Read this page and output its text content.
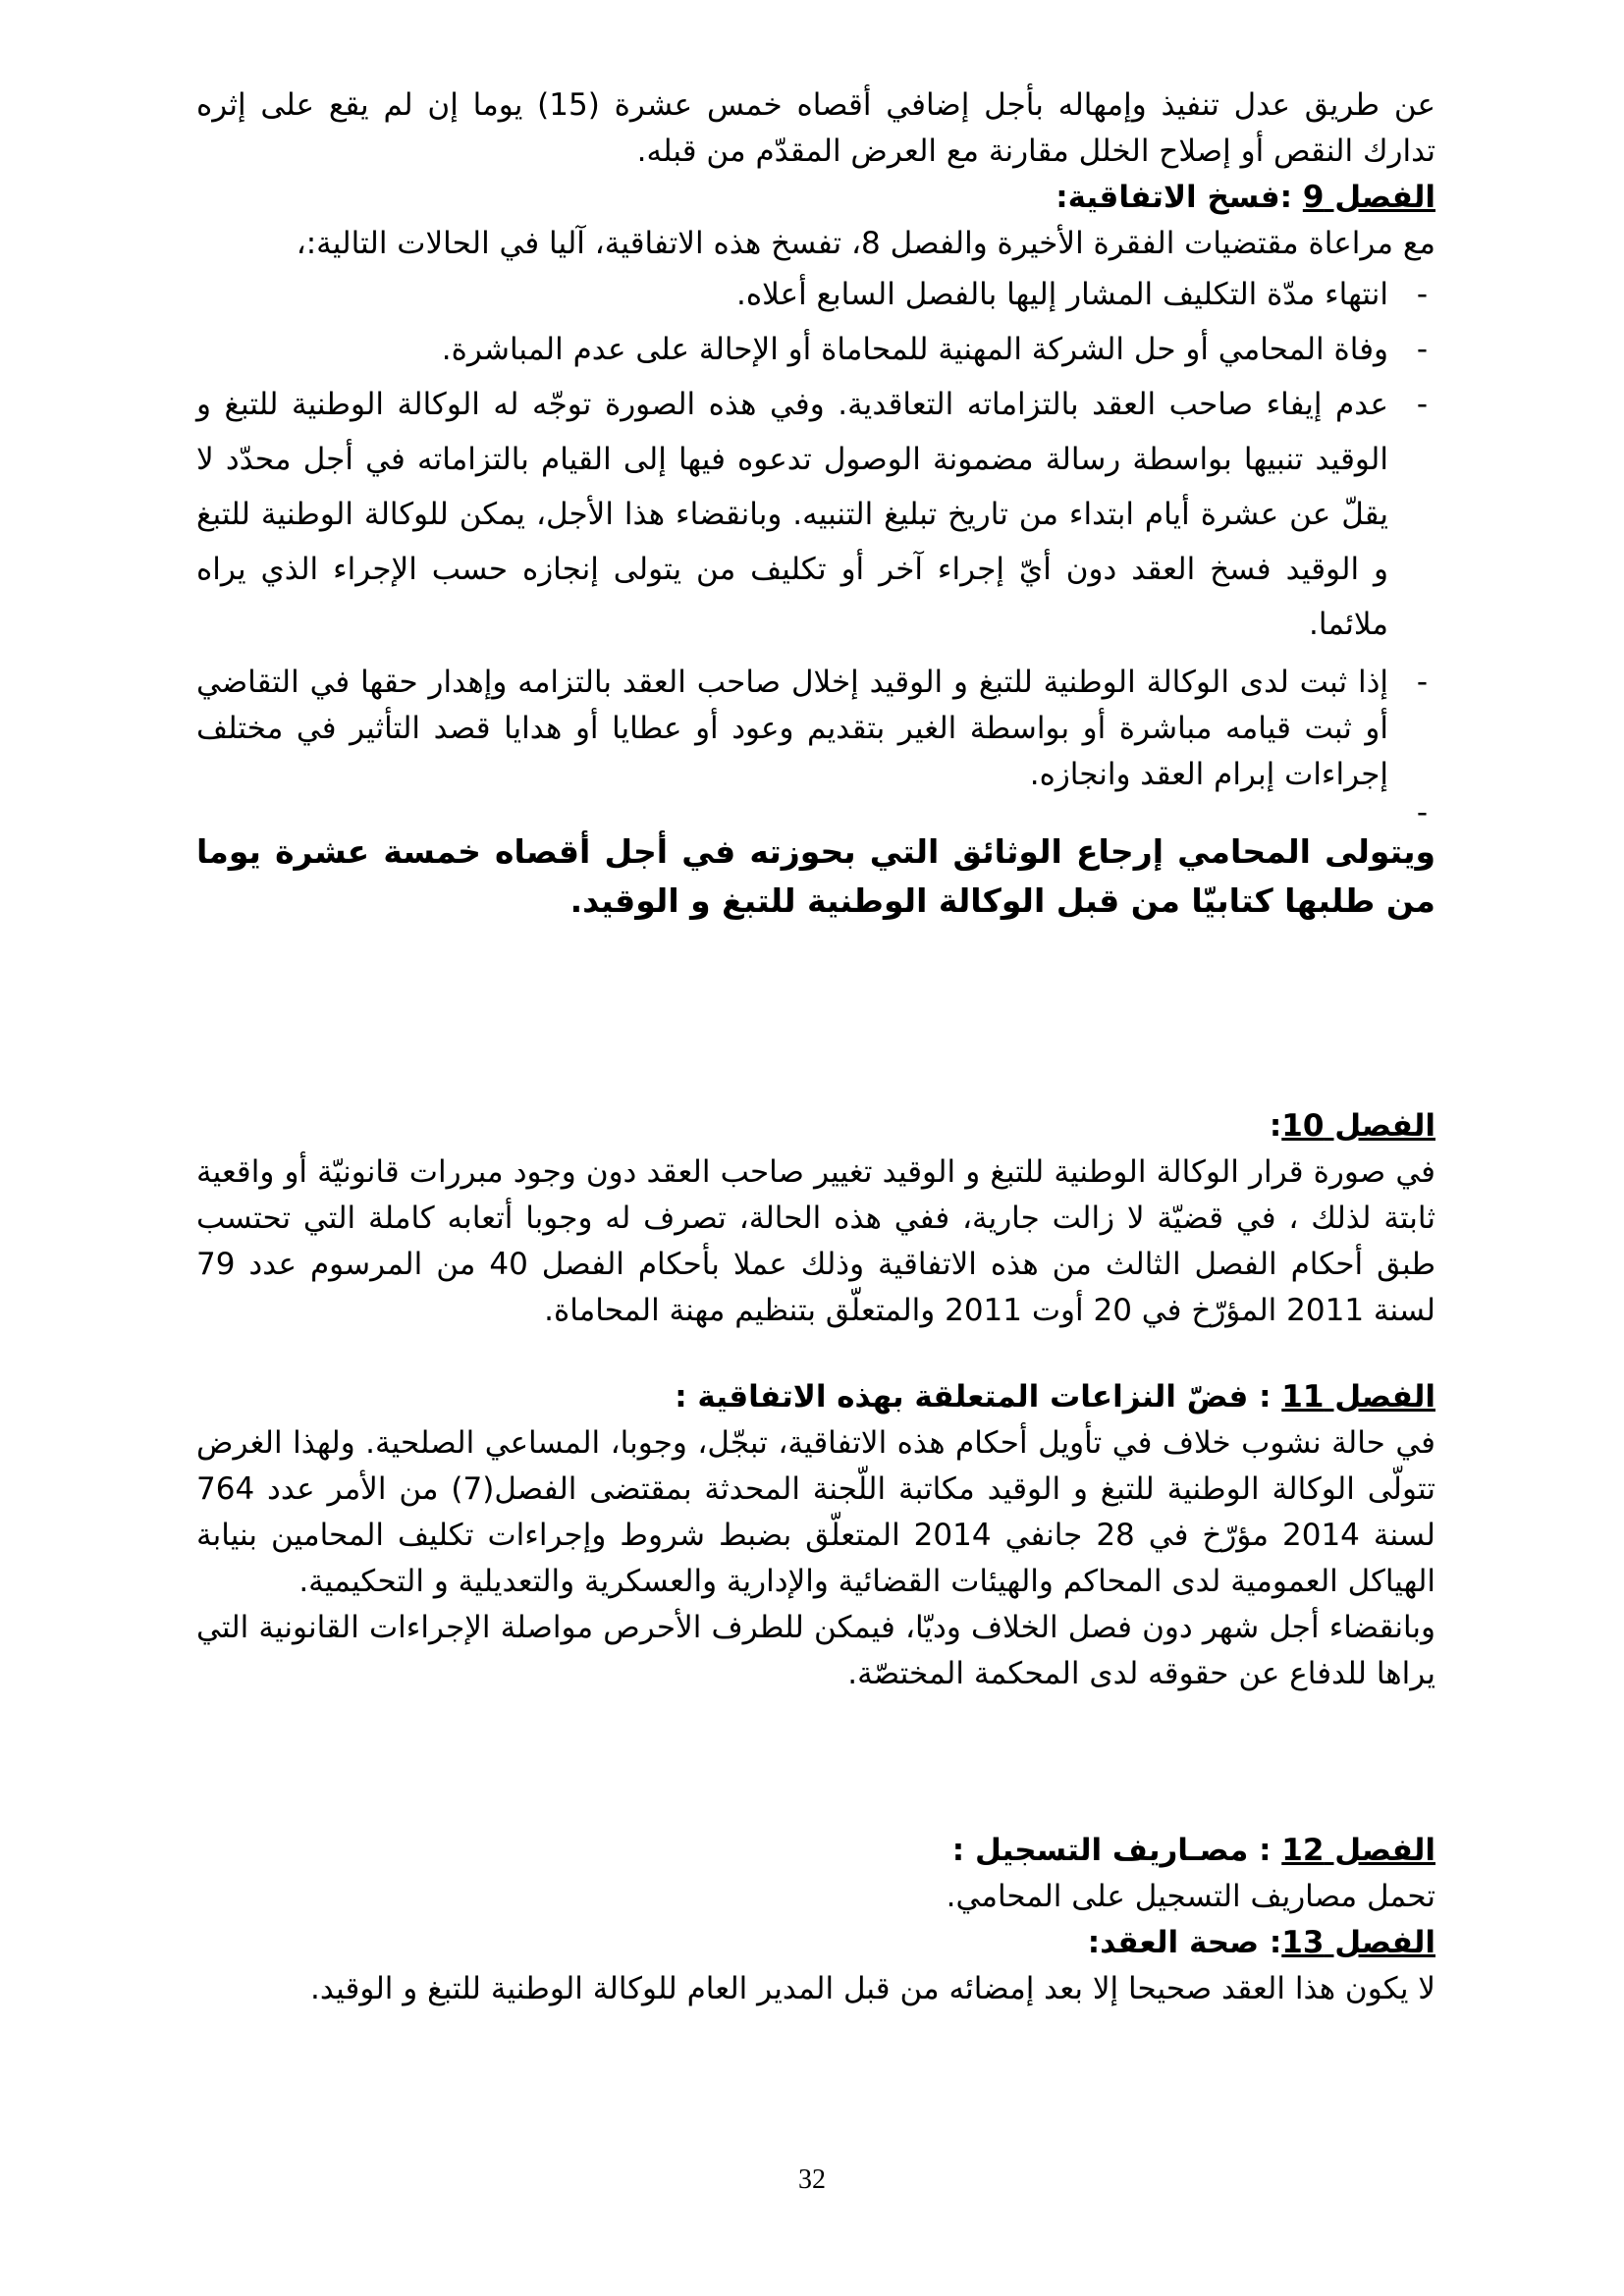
عن طريق عدل تنفيذ وإمهاله بأجل إضافي أقصاه خمس عشرة (15) يوما إن لم يقع على إثره تدارك النقص أو إصلاح الخلل مقارنة مع العرض المقدّم من قبله.

الفصل 9 :فسخ الاتفاقية:

مع مراعاة مقتضيات الفقرة الأخيرة والفصل 8، تفسخ هذه الاتفاقية، آليا في الحالات التالية:،

- انتهاء مدّة التكليف المشار إليها بالفصل السابع أعلاه.
- وفاة المحامي أو حل الشركة المهنية للمحاماة أو الإحالة على عدم المباشرة.
- عدم إيفاء صاحب العقد بالتزاماته التعاقدية. وفي هذه الصورة توجّه له الوكالة الوطنية للتبغ و الوقيد تنبيها بواسطة رسالة مضمونة الوصول تدعوه فيها إلى القيام بالتزاماته في أجل محدّد لا يقلّ عن عشرة أيام ابتداء من تاريخ تبليغ التنبيه. وبانقضاء هذا الأجل، يمكن للوكالة الوطنية للتبغ و الوقيد فسخ العقد دون أيّ إجراء آخر أو تكليف من يتولى إنجازه حسب الإجراء الذي يراه ملائما.
- إذا ثبت لدى الوكالة الوطنية للتبغ و الوقيد إخلال صاحب العقد بالتزامه وإهدار حقها في التقاضي أو ثبت قيامه مباشرة أو بواسطة الغير بتقديم وعود أو عطايا أو هدايا قصد التأثير في مختلف إجراءات إبرام العقد وانجازه.
-

ويتولى المحامي إرجاع الوثائق التي بحوزته في أجل أقصاه خمسة عشرة يوما من طلبها كتابيّا من قبل الوكالة الوطنية للتبغ و الوقيد.

الفصل 10:

في صورة قرار الوكالة الوطنية للتبغ و الوقيد تغيير صاحب العقد دون وجود مبررات قانونيّة أو واقعية ثابتة لذلك ، في قضيّة لا زالت جارية، ففي هذه الحالة، تصرف له وجوبا أتعابه كاملة التي تحتسب طبق أحكام الفصل الثالث من هذه الاتفاقية وذلك عملا بأحكام الفصل 40 من المرسوم عدد 79 لسنة 2011 المؤرّخ في 20 أوت 2011 والمتعلّق بتنظيم مهنة المحاماة.

الفصل 11 : فضّ النزاعات المتعلقة بهذه الاتفاقية :

في حالة نشوب خلاف في تأويل أحكام هذه الاتفاقية، تبجّل، وجوبا، المساعي الصلحية. ولهذا الغرض تتولّى الوكالة الوطنية للتبغ و الوقيد مكاتبة اللّجنة المحدثة بمقتضى الفصل(7) من الأمر عدد 764 لسنة 2014 مؤرّخ في 28 جانفي 2014 المتعلّق بضبط شروط وإجراءات تكليف المحامين بنيابة الهياكل العمومية لدى المحاكم والهيئات القضائية والإدارية والعسكرية والتعديلية و التحكيمية.

وبانقضاء أجل شهر دون فصل الخلاف وديّا، فيمكن للطرف الأحرص مواصلة الإجراءات القانونية التي يراها للدفاع عن حقوقه لدى المحكمة المختصّة.

الفصل 12 : مصـاريف التسجيل :

تحمل مصاريف التسجيل على المحامي.

الفصل 13: صحة العقد:

لا يكون هذا العقد صحيحا إلا بعد إمضائه من قبل المدير العام للوكالة الوطنية للتبغ و الوقيد.

32
